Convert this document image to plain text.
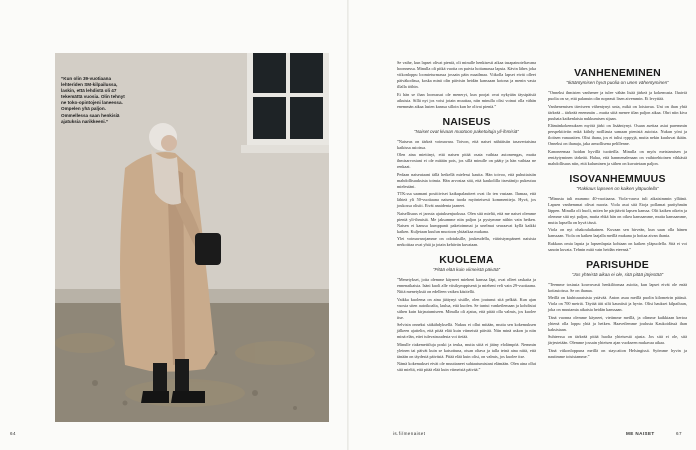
”Kun olin 39-vuotiaana lehteriden SM-kilpailussa, laskin, että lehdistä oli 47 tekemättä vuosia. Olin tehnyt ne toko-opintojeni laneessa. Ompelen yhä paljon. Ommellessa saan henkisiä ajatuksia narikkeeni.”
64	is.fi/menaiset	ME NAISET	67

Se vaihe, kun lapset olivat pieniä, oli minulle henkisesti aikaa tasapainoteltavana hoonnessa. Minulla oli pitkä vuotta on paivia hoitamassa lapsia. Kävin lähes joka viikonloppu loomieturmassa jossain päin maailmaa. Viikolla lapset eivät olleet päiväkodissa, koska minä olin päivisin heidän kanssaan kotona ja menin vasta illalla töihin.

Et hän se ihan loonussut ole meneryt, kun poojat ovat nykyään täysipäisiä aikuisia. Sillä nyt jos voisi jotain muuttaa, niin minulla olisi voinut olla vähän enemmän aikaa lasten kanssa silloin kun he olivat pieniä.”

NAISEUS
”Naiset ovat kivaan muotoon paketoituja yli-ihmisiä”

”Naiseus on tärkeä voimavara. Toivon, että naiset nähtäisiin tasavertaisina kaikissa asioissa.

Olen aina miettinyt, että naisen pitää osata vaihtaa autonrengas, mutta ihmisarvostani ei ole mitään pois, jos sillä minulle on pääty ja hän vaihtaa ne renkaat.

Pedaan naiseutaani tällä hetkellä mielessi kautta. Hän toivoo, että puhuttaisiin mahdollisuuksista toimia. Hän arvostaa sitä, että kaukolilla itsestänijo pukeutuu mielestäni.

TTK:ssa saamani positiiviset kaikupalautteet ovat ilo ten vastaan. Ilumaa, että lähteä yli 50-vuotiaana naisena tuoda myönteisesti kommentteja. Hyvä, jos joukossa olisiit. Eivät anaidenta jaaneet.

Naisellisuus ei jarruta ajatuksenjuoksua. Olen sitä mieltä, että me naiset olemme pieniä yli-ihmisiä. Me jaksamme niin paljon ja pystymme niihin vain hetken. Naisen ei kanssa kumppanit paketoimmai ja unelmat seuraavat kyllä kaikki kaiken. Kuljetaan kuulun muotoon yhtäaikaa mukana.

Ylei voimavarojamme on odotuksille, joukeudellu, vääristympäneet naisista nerkoittaa ovat yhtä ja jotain kehävän kuvataan.

KUOLEMA
”Pitää elää kuin viimeistä päivää”

”Menetykset, joita olemme käyneet mieheni kanssa läpi, ovat olleet raskaita ja ennenaikaisia. Isäni kuoli alle viisikymppisenä ja mieheni veli vain 29-vuotiaana. Niitä menetyksiä on edelleen vaikea käsitellä.

Vaikka kuolema on aina jäätynyt sisälle, olen joutunut sitä pelkää. Kun ajan vuosia siten autoikoalta, laulua, että kuolen. Se tuntui vankeilemaan ja kohdistui siihen kuin kirjautumiseen. Minulla oli ajatus, että pitää olla valmis, jos kuolee itse.

Selvisin onneksi säikähdyksellä. Nukuu ei ollut mitään, mutta sen kokemuksen jälkeen ajattelin, että pitää elää kuin viimeistä päivää. Niin minä uskon ja niin minä elän, ettei tulevaisuudesta voi tietää.

Minulle riakemettiluja poski ja teuka, mutta siitä ei jääny elolämpöä. Nemmin yleinen tai päivät kuin se katsottuna, otsan oltava ja talla teinä aina niitä, että tänään on täydestä päivästä. Pitää elää kuin olisi, on valmis, jos kuolee itse.

Nämä kokemukset eivät ole muuttaneet suhtautumistani elämään. Olen aina ollut sitä mieltä, että pitää elää kuin viimeistä päivää.”

VANHENEMINEN
”Ikääntymisen hyvä puolia on unen vähentyminen”

”Onneksi ihmisten vanhenee ja tulee vähän lisää järkeä ja kokemusta. Ihaiviä puolia on se, että palanuin olin nopeasti lisen aivemmin. Ei levyttää.

Vanhenemisen tärviseen vähentynyt unta, mikä on loistavaa. Uni on ihan yhtä tärkeää – tärkeää enemmän – mutta siitä menee tilan paljon aikaa. Ohri niin kiva puuhata kaikenlaisia nukkumisen sijaan.

Elämänkokemuksen myötä järki on lisääntynyt. Osaan asettaa asiat paremmin perspektiiviin enkä kiihdy noilliasta samaan pienistä asioista. Nukun yöni ja iloitsen vanaasiten. Olisi ihana, jos ei tulisi ryppyjä, mutta nekin kuuluvat ikään. Onneksi on ihanaja, jaka armollisena pelillenne.

Kanoneemaa hoidan hyvillä tuotteilla. Minulla on myös meistamisen ja rentäytyminen tärkeää. Halua, että hanmenalenaan on vaihtoehtoinen vihkästä mahdollisuus niin, että kuluminen ja siihen on kuvatetaan paljon.

ISOVANHEMMUUS
”Rakkaus lapseen on kaiken yläpuolella”

”Minusta tuli mummo 40-vuotiaana. Viola-vauva tuli aikaisimmin yllätnä. Lapsen vanhemmat olivat nuoria. Viola asui sitä Etoja pollamat parityhmän läppen. Minulla oli huoli, miten he pärjäävät lapsen kanssa. Olit kaiken oikein ja olemme sitä nyt paljon, mutta ehkä hän on oikea kanssamme, mutta kanssamme, mutta lapsella on hyvä tässä.

Viola on nyt ohakoulaikainen. Kuvaan sen hirveän, kun saan olla hänen kanssaan. Viola on kaiken laajalla meillä mukana ja hoitaa aivan ihania.

Rakkaus omia lapsia ja lapsenlapsia kohtaan on kaiken yläpuolella. Sitä ei voi sanoin kuvata. Tehnin mitä vain heidän eteensä.”

PARISUHDE
”Jos yhteistä aikaa ei ole, sitä pitää järjestää”

”Teemme tosiasia kouvuvasti henkilöomaa asioita, kun lapset eivät ole enää kotiasioissa. Se on ihanaa.

Meillä on kiuhtuuraisista ystävää. Anton asuu meillä puolin kilometrin päässä. Viola on 700 metriä. Täytää äiti silti kauniisti ja hyvin. Olisi haukset kilpailuun, joka on muutamia aikaisia heidän kanssaan.

Tänä vuonna olemme käyneet, vietimme meillä, ja olimme kaikkiaan kertoa yhtenä olla loppu yhtä ja hetken. Haaveilemme joulusta Kaukoidässä ihan kaksistaan.

Suhteessa on tärkeää pitää huolta yhteisestä ajasta. Jos sitä ei ole, sitä järjestetään. Olemme jossain yhteisen ajan vuokseen mukavaa aikaa.

Tänä viikonloppuna meillä on staycation Helsingissä. Syömme hyvin ja nautimme toisistamme.”
